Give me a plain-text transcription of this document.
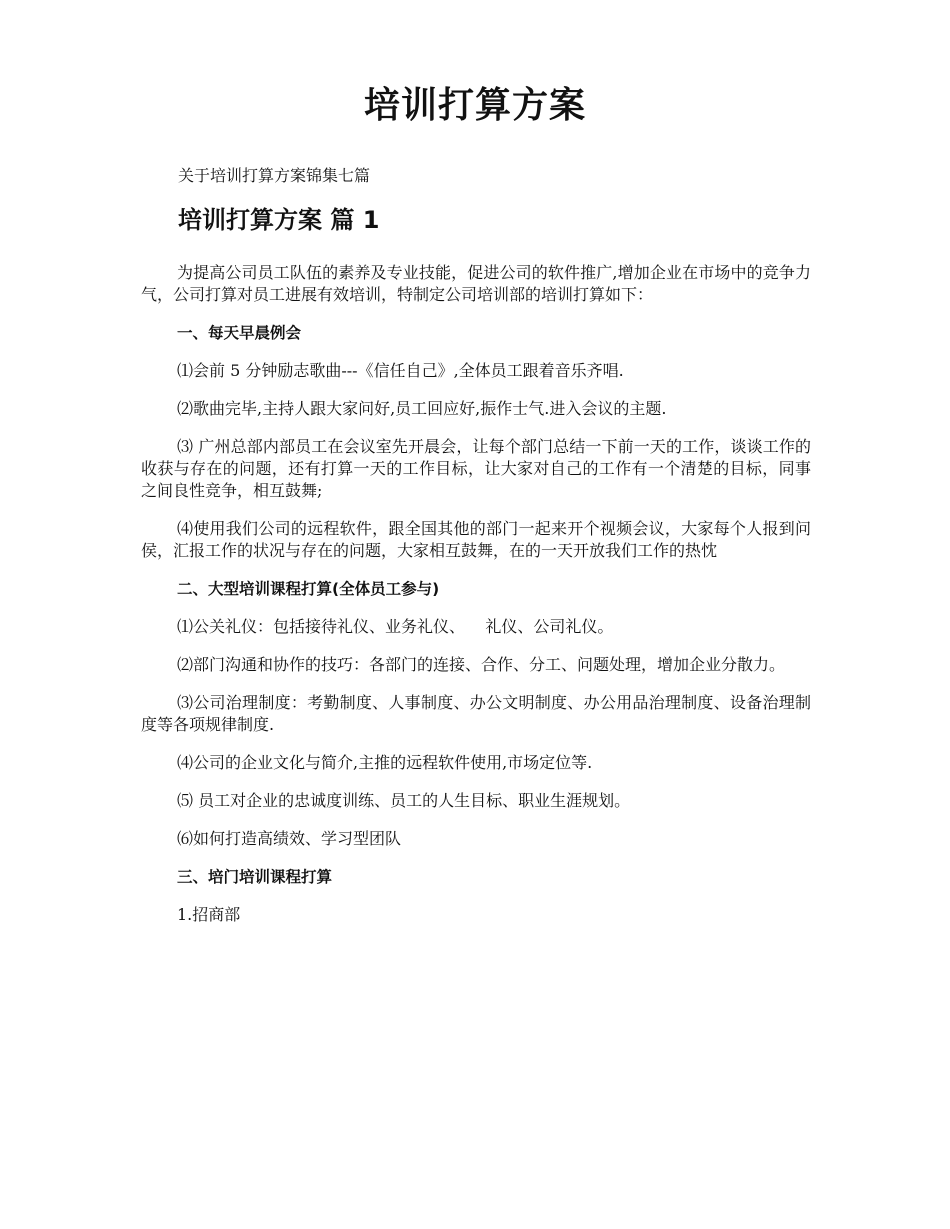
培训打算方案
关于培训打算方案锦集七篇
培训打算方案 篇 1

为提高公司员工队伍的素养及专业技能，促进公司的软件推广,增加企业在市场中的竞争力气，公司打算对员工进展有效培训，特制定公司培训部的培训打算如下：

一、每天早晨例会

⑴会前 5 分钟励志歌曲---《信任自己》,全体员工跟着音乐齐唱.

⑵歌曲完毕,主持人跟大家问好,员工回应好,振作士气.进入会议的主题.

⑶ 广州总部内部员工在会议室先开晨会，让每个部门总结一下前一天的工作，谈谈工作的收获与存在的问题，还有打算一天的工作目标，让大家对自己的工作有一个清楚的目标，同事之间良性竞争，相互鼓舞;

⑷使用我们公司的远程软件，跟全国其他的部门一起来开个视频会议，大家每个人报到问侯，汇报工作的状况与存在的问题，大家相互鼓舞，在的一天开放我们工作的热忱

二、大型培训课程打算(全体员工参与)

⑴公关礼仪：包括接待礼仪、业务礼仪、    礼仪、公司礼仪。

⑵部门沟通和协作的技巧：各部门的连接、合作、分工、问题处理，增加企业分散力。

⑶公司治理制度：考勤制度、人事制度、办公文明制度、办公用品治理制度、设备治理制度等各项规律制度.

⑷公司的企业文化与简介,主推的远程软件使用,市场定位等.

⑸ 员工对企业的忠诚度训练、员工的人生目标、职业生涯规划。

⑹如何打造高绩效、学习型团队

三、培门培训课程打算

1.招商部
